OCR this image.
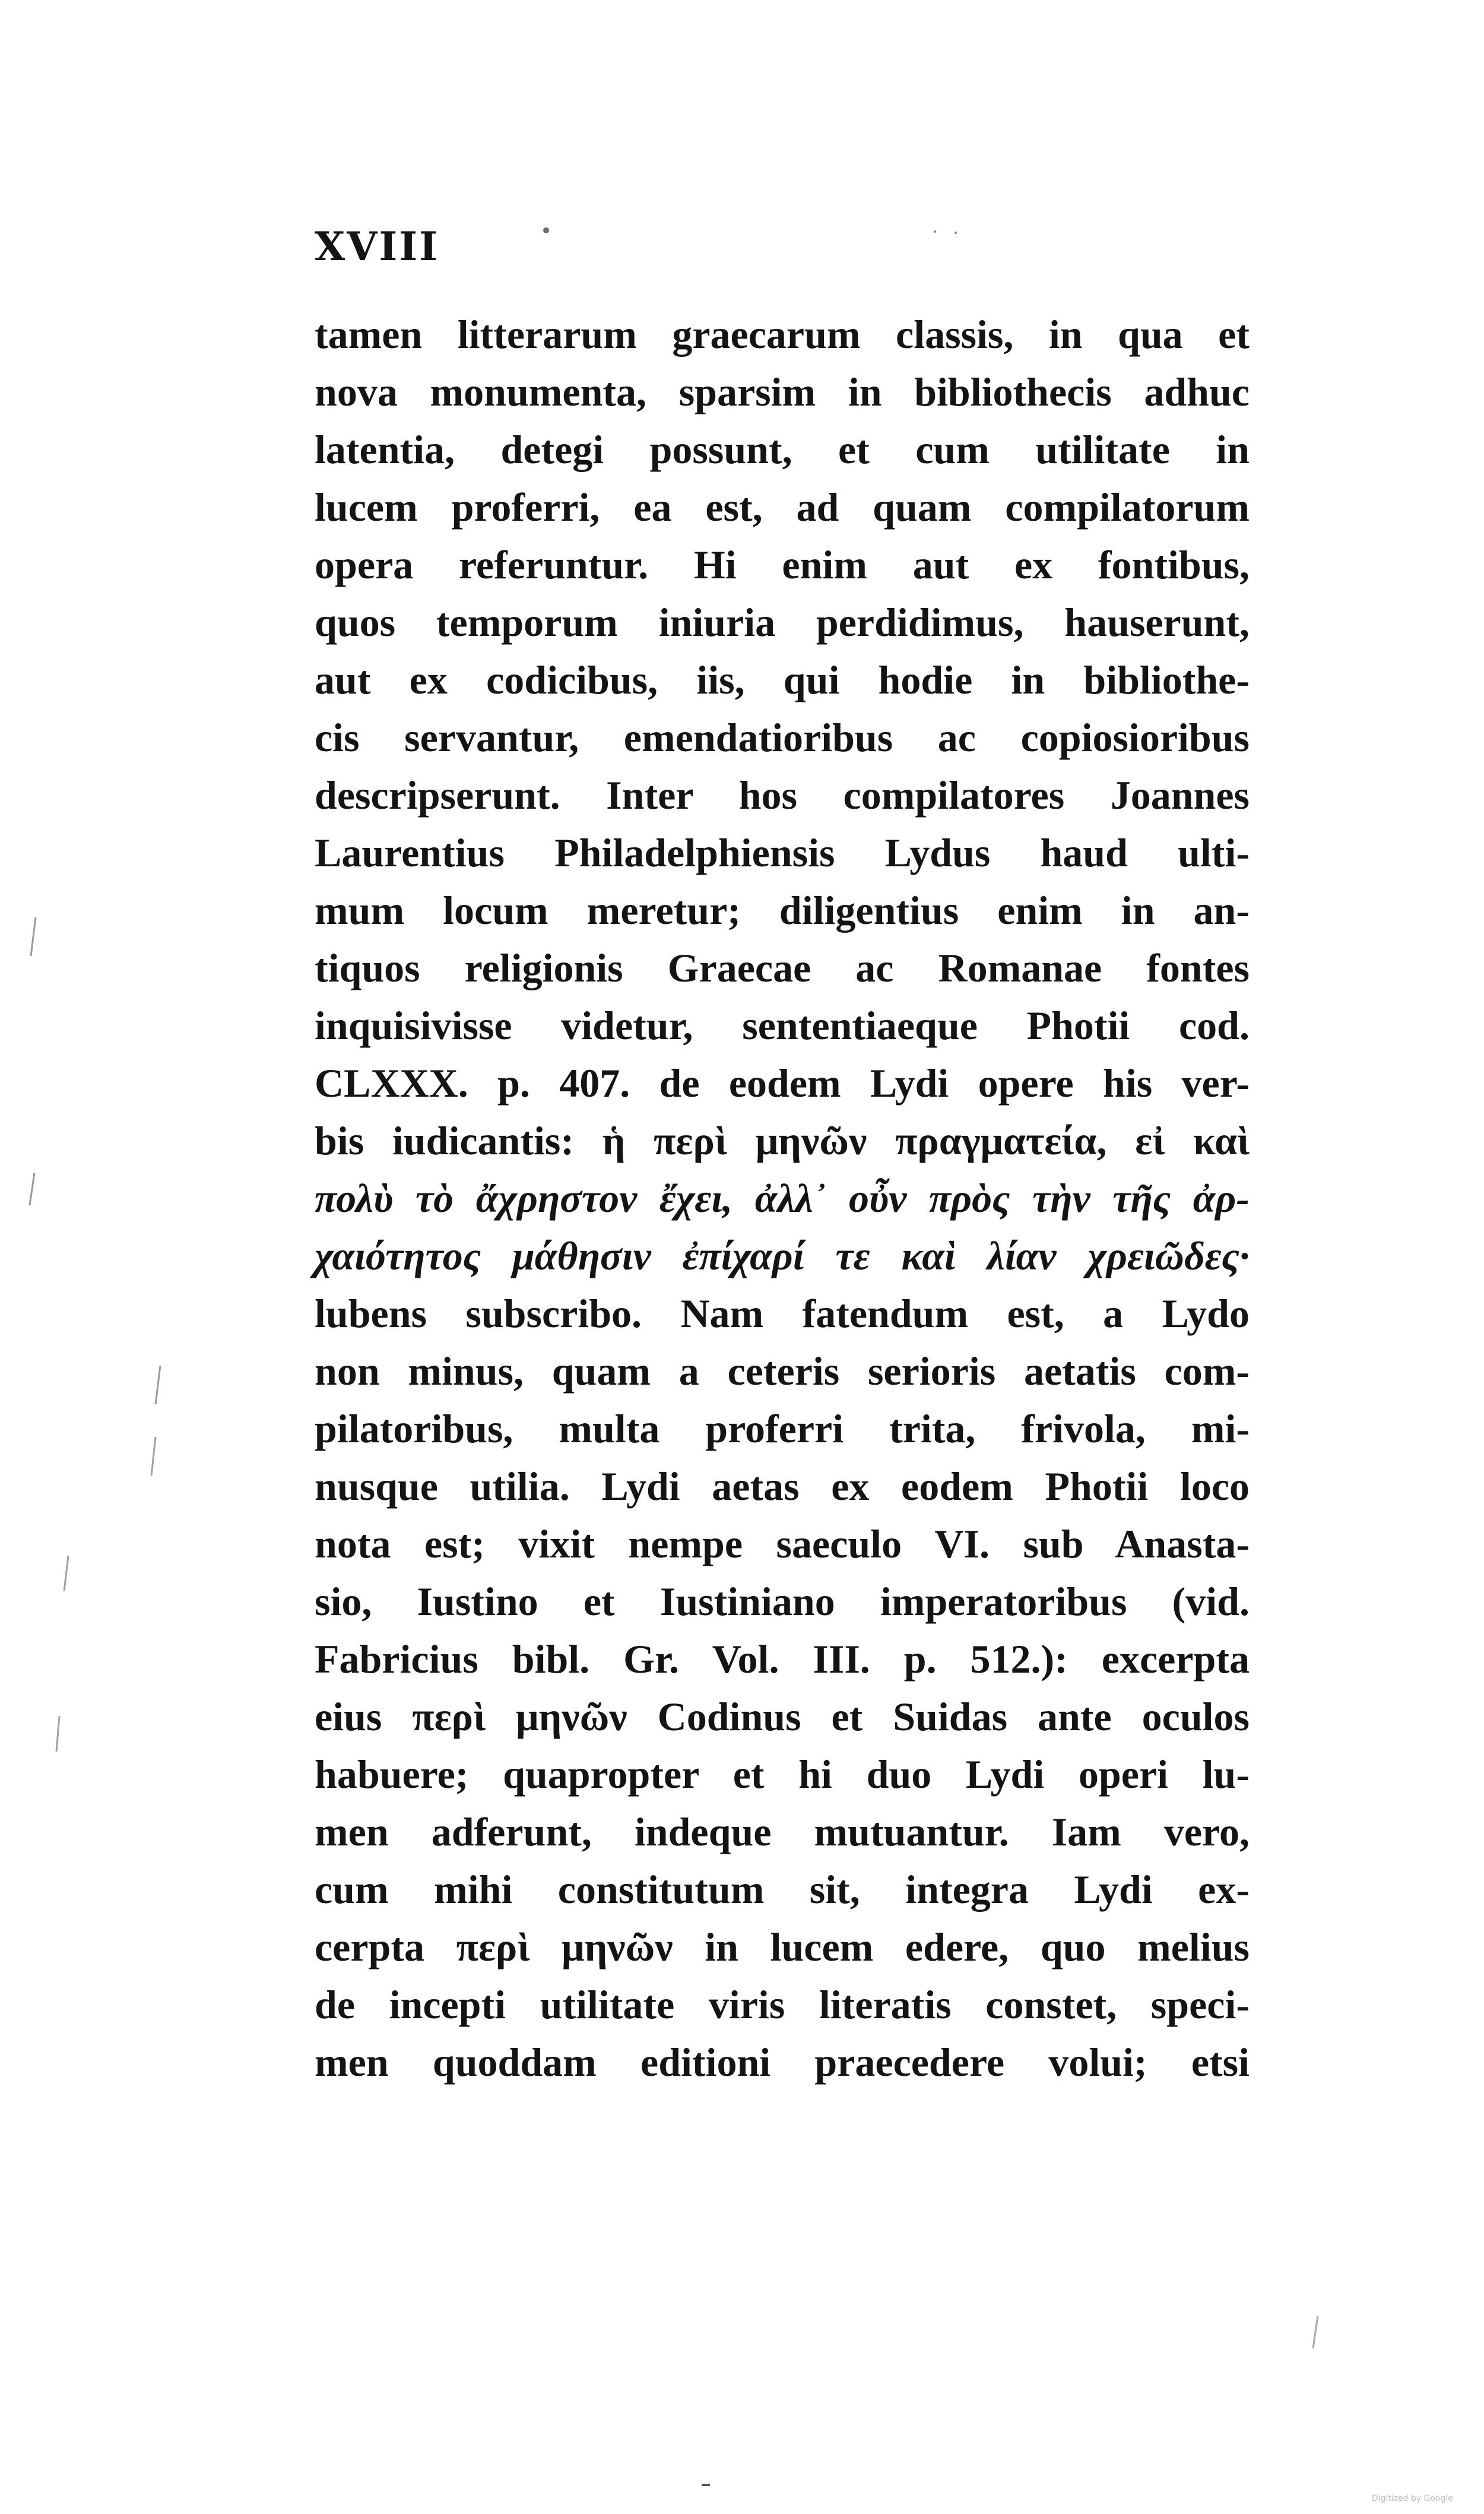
XVIII
tamen litterarum graecarum classis, in qua et
nova monumenta, sparsim in bibliothecis adhuc
latentia, detegi possunt, et cum utilitate in
lucem proferri, ea est, ad quam compilatorum
opera referuntur. Hi enim aut ex fontibus,
quos temporum iniuria perdidimus, hauserunt,
aut ex codicibus, iis, qui hodie in bibliothe-
cis servantur, emendatioribus ac copiosioribus
descripserunt. Inter hos compilatores Joannes
Laurentius Philadelphiensis Lydus haud ulti-
mum locum meretur; diligentius enim in an-
tiquos religionis Graecae ac Romanae fontes
inquisivisse videtur, sententiaeque Photii cod.
CLXXX. p. 407. de eodem Lydi opere his ver-
bis iudicantis: ἡ περὶ μηνῶν πραγματεία, εἰ καὶ
πολὺ τὸ ἄχρηστον ἔχει, ἀλλ᾽ οὖν πρὸς τὴν τῆς ἀρ-
χαιότητος μάθησιν ἐπίχαρί τε καὶ λίαν χρειῶδες·
lubens subscribo. Nam fatendum est, a Lydo
non minus, quam a ceteris serioris aetatis com-
pilatoribus, multa proferri trita, frivola, mi-
nusque utilia. Lydi aetas ex eodem Photii loco
nota est; vixit nempe saeculo VI. sub Anasta-
sio, Iustino et Iustiniano imperatoribus (vid.
Fabricius bibl. Gr. Vol. III. p. 512.): excerpta
eius περὶ μηνῶν Codinus et Suidas ante oculos
habuere; quapropter et hi duo Lydi operi lu-
men adferunt, indeque mutuantur. Iam vero,
cum mihi constitutum sit, integra Lydi ex-
cerpta περὶ μηνῶν in lucem edere, quo melius
de incepti utilitate viris literatis constet, speci-
men quoddam editioni praecedere volui; etsi
Digitized by Google
